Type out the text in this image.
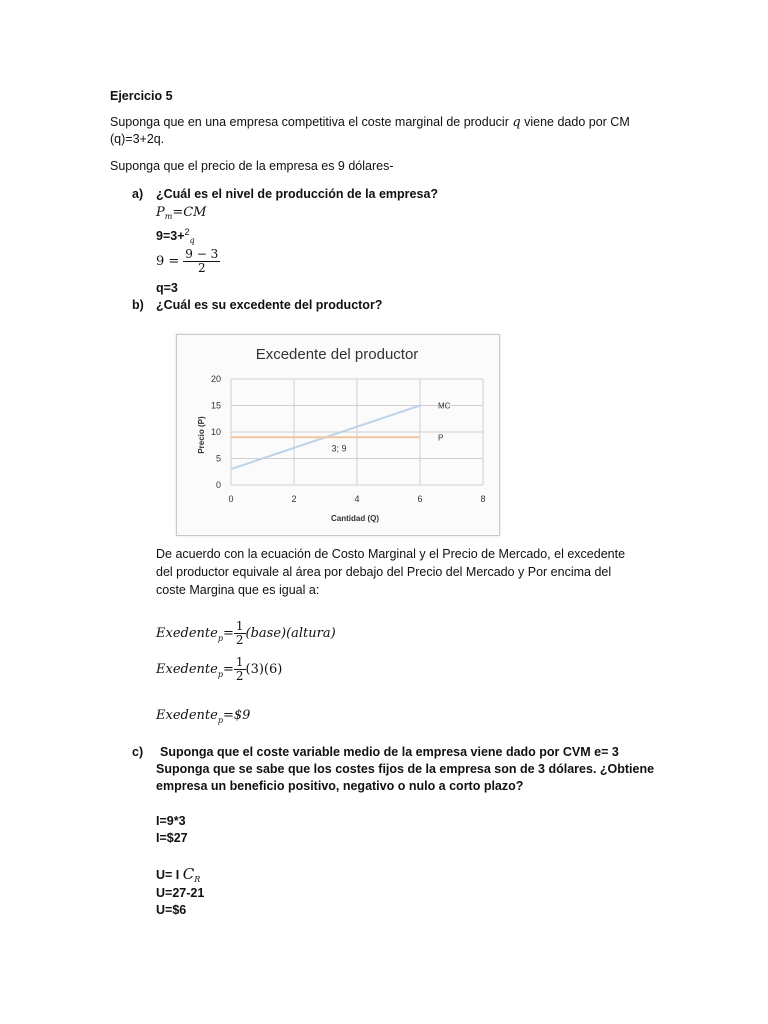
Ejercicio 5
Suponga que en una empresa competitiva el coste marginal de producir q viene dado por CM
(q)=3+2q.
Suponga que el precio de la empresa es 9 dólares-
a) ¿Cuál es el nivel de producción de la empresa?
$P_m=CM$
9=3+$^2_q$
$9 = \frac{9 - 3}{2}$
q=3
b) ¿Cuál es su excedente del productor?
Excedente del productor
0
5
10
15
20
0	2	4	6	8
MC
P
Cantidad (Q)
Precio (P)	3; 9
De acuerdo con la ecuación de Costo Marginal y el Precio de Mercado, el excedente
del productor equivale al área por debajo del Precio del Mercado y Por encima del
coste Margina que es igual a:
Exedente$_p$ = $\frac{1}{2}$ (base)(altura)
Exedente$_p$ = $\frac{1}{2} (3)(6)$
Exedente$_p$ =$9
c) Suponga que el coste variable medio de la empresa viene dado por CVM e= 3
Suponga que se sabe que los costes fijos de la empresa son de 3 dólares. ¿Obtiene
empresa un beneficio positivo, negativo o nulo a corto plazo?
I=9*3
I=$27
U= I $C_R$
U=27-21
U=$6
